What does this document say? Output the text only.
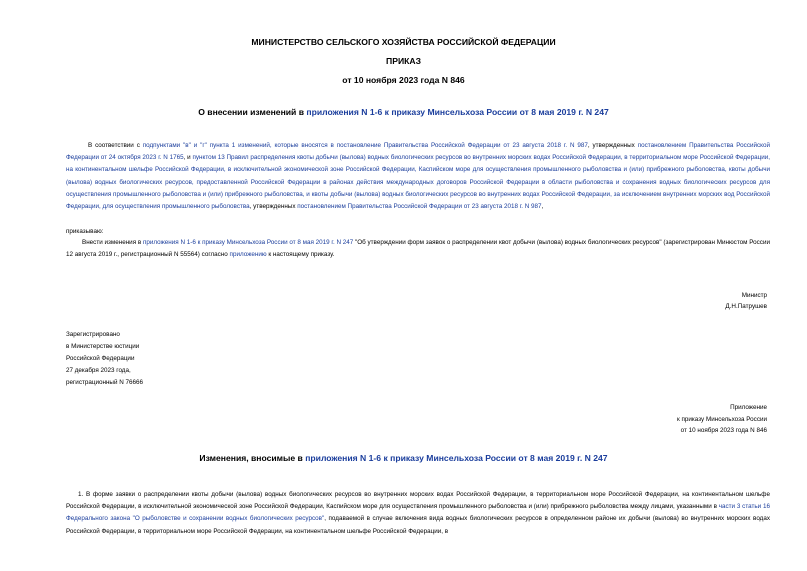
МИНИСТЕРСТВО СЕЛЬСКОГО ХОЗЯЙСТВА РОССИЙСКОЙ ФЕДЕРАЦИИ
ПРИКАЗ
от 10 ноября 2023 года N 846
О внесении изменений в приложения N 1-6 к приказу Минсельхоза России от 8 мая 2019 г. N 247
В соответствии с подпунктами "в" и "г" пункта 1 изменений, которые вносятся в постановление Правительства Российской Федерации от 23 августа 2018 г. N 987, утвержденных постановлением Правительства Российской Федерации от 24 октября 2023 г. N 1765, и пунктом 13 Правил распределения квоты добычи (вылова) водных биологических ресурсов во внутренних морских водах Российской Федерации, в территориальном море Российской Федерации, на континентальном шельфе Российской Федерации, в исключительной экономической зоне Российской Федерации, Каспийском море для осуществления промышленного рыболовства и (или) прибрежного рыболовства, квоты добычи (вылова) водных биологических ресурсов, предоставленной Российской Федерации в районах действия международных договоров Российской Федерации в области рыболовства и сохранения водных биологических ресурсов для осуществления промышленного рыболовства и (или) прибрежного рыболовства, и квоты добычи (вылова) водных биологических ресурсов во внутренних водах Российской Федерации, за исключением внутренних морских вод Российской Федерации, для осуществления промышленного рыболовства, утвержденных постановлением Правительства Российской Федерации от 23 августа 2018 г. N 987,
приказываю:
Внести изменения в приложения N 1-6 к приказу Минсельхоза России от 8 мая 2019 г. N 247 "Об утверждении форм заявок о распределении квот добычи (вылова) водных биологических ресурсов" (зарегистрирован Минюстом России 12 августа 2019 г., регистрационный N 55564) согласно приложению к настоящему приказу.
Министр
Д.Н.Патрушев
Зарегистрировано
в Министерстве юстиции
Российской Федерации
27 декабря 2023 года,
регистрационный N 76666
Приложение
к приказу Минсельхоза России
от 10 ноября 2023 года N 846
Изменения, вносимые в приложения N 1-6 к приказу Минсельхоза России от 8 мая 2019 г. N 247
1. В форме заявки о распределении квоты добычи (вылова) водных биологических ресурсов во внутренних морских водах Российской Федерации, в территориальном море Российской Федерации, на континентальном шельфе Российской Федерации, в исключительной экономической зоне Российской Федерации, Каспийском море для осуществления промышленного рыболовства и (или) прибрежного рыболовства между лицами, указанными в части 3 статьи 16 Федерального закона "О рыболовстве и сохранении водных биологических ресурсов", подаваемой в случае включения вида водных биологических ресурсов в определенном районе их добычи (вылова) во внутренних морских водах Российской Федерации, в территориальном море Российской Федерации, на континентальном шельфе Российской Федерации, в
